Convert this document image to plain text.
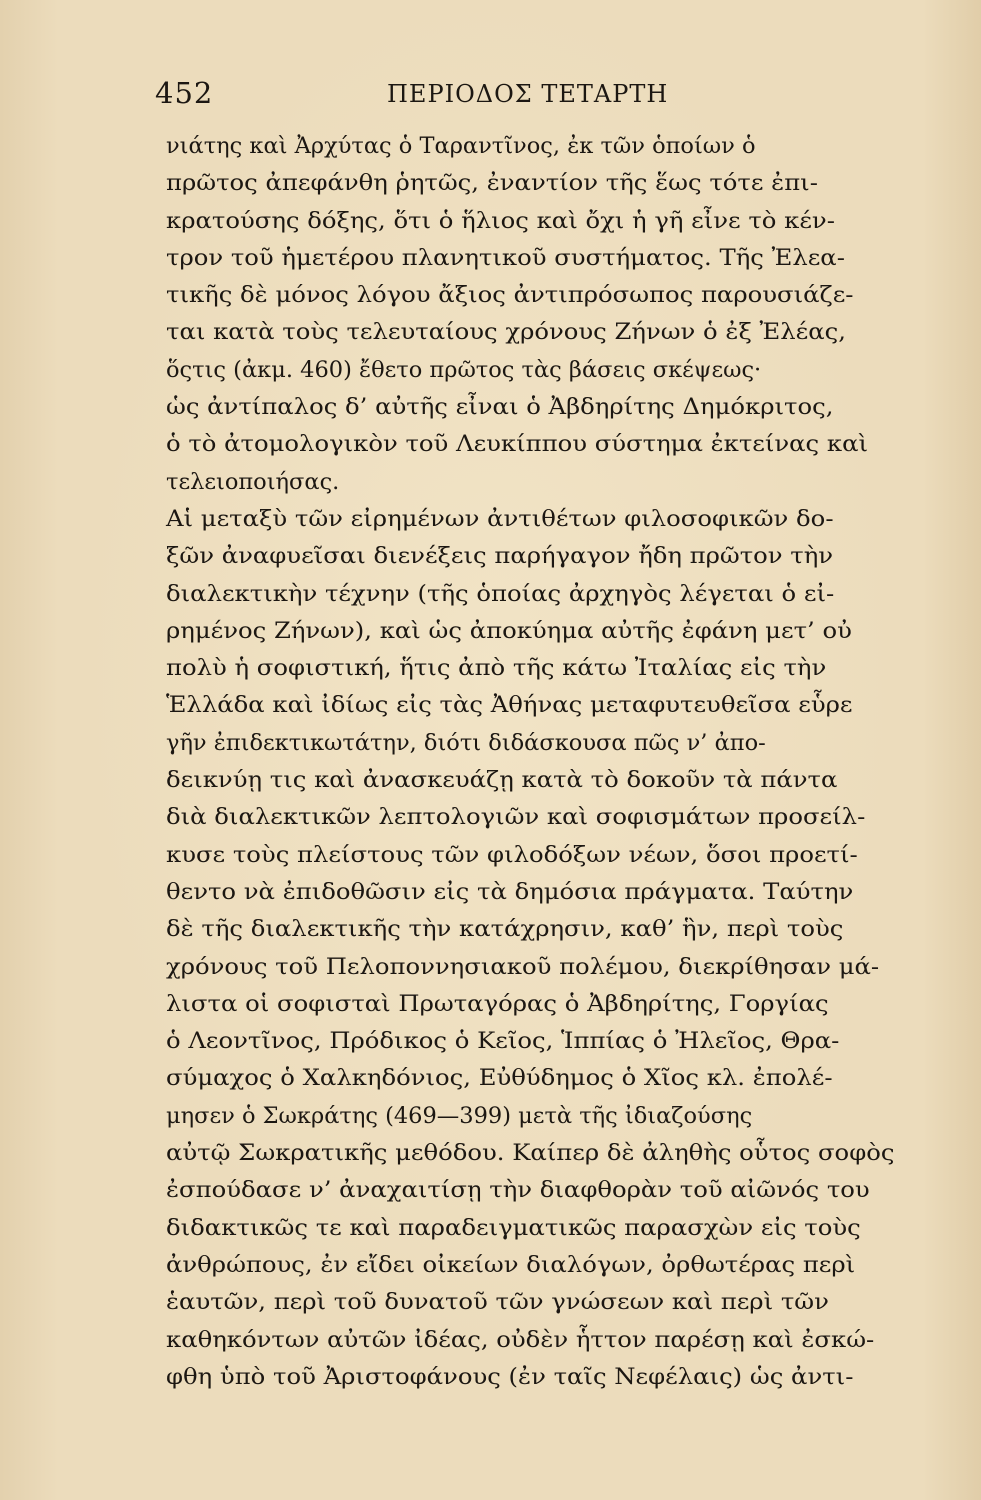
452	ΠΕΡΙΟΔΟΣ ΤΕΤΑΡΤΗ
νιάτης καὶ Ἀρχύτας ὁ Ταραντῖνος, ἐκ τῶν ὁποίων ὁ
πρῶτος ἀπεφάνθη ῥητῶς, ἐναντίον τῆς ἕως τότε ἐπι-
κρατούσης δόξης, ὅτι ὁ ἥλιος καὶ ὄχι ἡ γῆ εἶνε τὸ κέν-
τρον τοῦ ἡμετέρου πλανητικοῦ συστήματος. Τῆς Ἐλεα-
τικῆς δὲ μόνος λόγου ἄξιος ἀντιπρόσωπος παρουσιάζε-
ται κατὰ τοὺς τελευταίους χρόνους Ζήνων ὁ ἐξ Ἐλέας,
ὅςτις (ἀκμ. 460) ἔθετο πρῶτος τὰς βάσεις σκέψεως·
ὡς ἀντίπαλος δ’ αὐτῆς εἶναι ὁ Ἀβδηρίτης Δημόκριτος,
ὁ τὸ ἀτομολογικὸν τοῦ Λευκίππου σύστημα ἐκτείνας καὶ
τελειοποιήσας.
Αἱ μεταξὺ τῶν εἰρημένων ἀντιθέτων φιλοσοφικῶν δο-
ξῶν ἀναφυεῖσαι διενέξεις παρήγαγον ἤδη πρῶτον τὴν
διαλεκτικὴν τέχνην (τῆς ὁποίας ἀρχηγὸς λέγεται ὁ εἰ-
ρημένος Ζήνων), καὶ ὡς ἀποκύημα αὐτῆς ἐφάνη μετ’ οὐ
πολὺ ἡ σοφιστική, ἥτις ἀπὸ τῆς κάτω Ἰταλίας εἰς τὴν
Ἑλλάδα καὶ ἰδίως εἰς τὰς Ἀθήνας μεταφυτευθεῖσα εὗρε
γῆν ἐπιδεκτικωτάτην, διότι διδάσκουσα πῶς ν’ ἀπο-
δεικνύῃ τις καὶ ἀνασκευάζῃ κατὰ τὸ δοκοῦν τὰ πάντα
διὰ διαλεκτικῶν λεπτολογιῶν καὶ σοφισμάτων προσείλ-
κυσε τοὺς πλείστους τῶν φιλοδόξων νέων, ὅσοι προετί-
θεντο νὰ ἐπιδοθῶσιν εἰς τὰ δημόσια πράγματα. Ταύτην
δὲ τῆς διαλεκτικῆς τὴν κατάχρησιν, καθ’ ἣν, περὶ τοὺς
χρόνους τοῦ Πελοποννησιακοῦ πολέμου, διεκρίθησαν μά-
λιστα οἱ σοφισταὶ Πρωταγόρας ὁ Ἀβδηρίτης, Γοργίας
ὁ Λεοντῖνος, Πρόδικος ὁ Κεῖος, Ἱππίας ὁ Ἠλεῖος, Θρα-
σύμαχος ὁ Χαλκηδόνιος, Εὐθύδημος ὁ Χῖος κλ. ἐπολέ-
μησεν ὁ Σωκράτης (469—399) μετὰ τῆς ἰδιαζούσης
αὐτῷ Σωκρατικῆς μεθόδου. Καίπερ δὲ ἀληθὴς οὗτος σοφὸς
ἐσπούδασε ν’ ἀναχαιτίσῃ τὴν διαφθορὰν τοῦ αἰῶνός του
διδακτικῶς τε καὶ παραδειγματικῶς παρασχὼν εἰς τοὺς
ἀνθρώπους, ἐν εἴδει οἰκείων διαλόγων, ὀρθωτέρας περὶ
ἑαυτῶν, περὶ τοῦ δυνατοῦ τῶν γνώσεων καὶ περὶ τῶν
καθηκόντων αὐτῶν ἰδέας, οὐδὲν ἧττον παρέσῃ καὶ ἐσκώ-
φθη ὑπὸ τοῦ Ἀριστοφάνους (ἐν ταῖς Νεφέλαις) ὡς ἀντι-
